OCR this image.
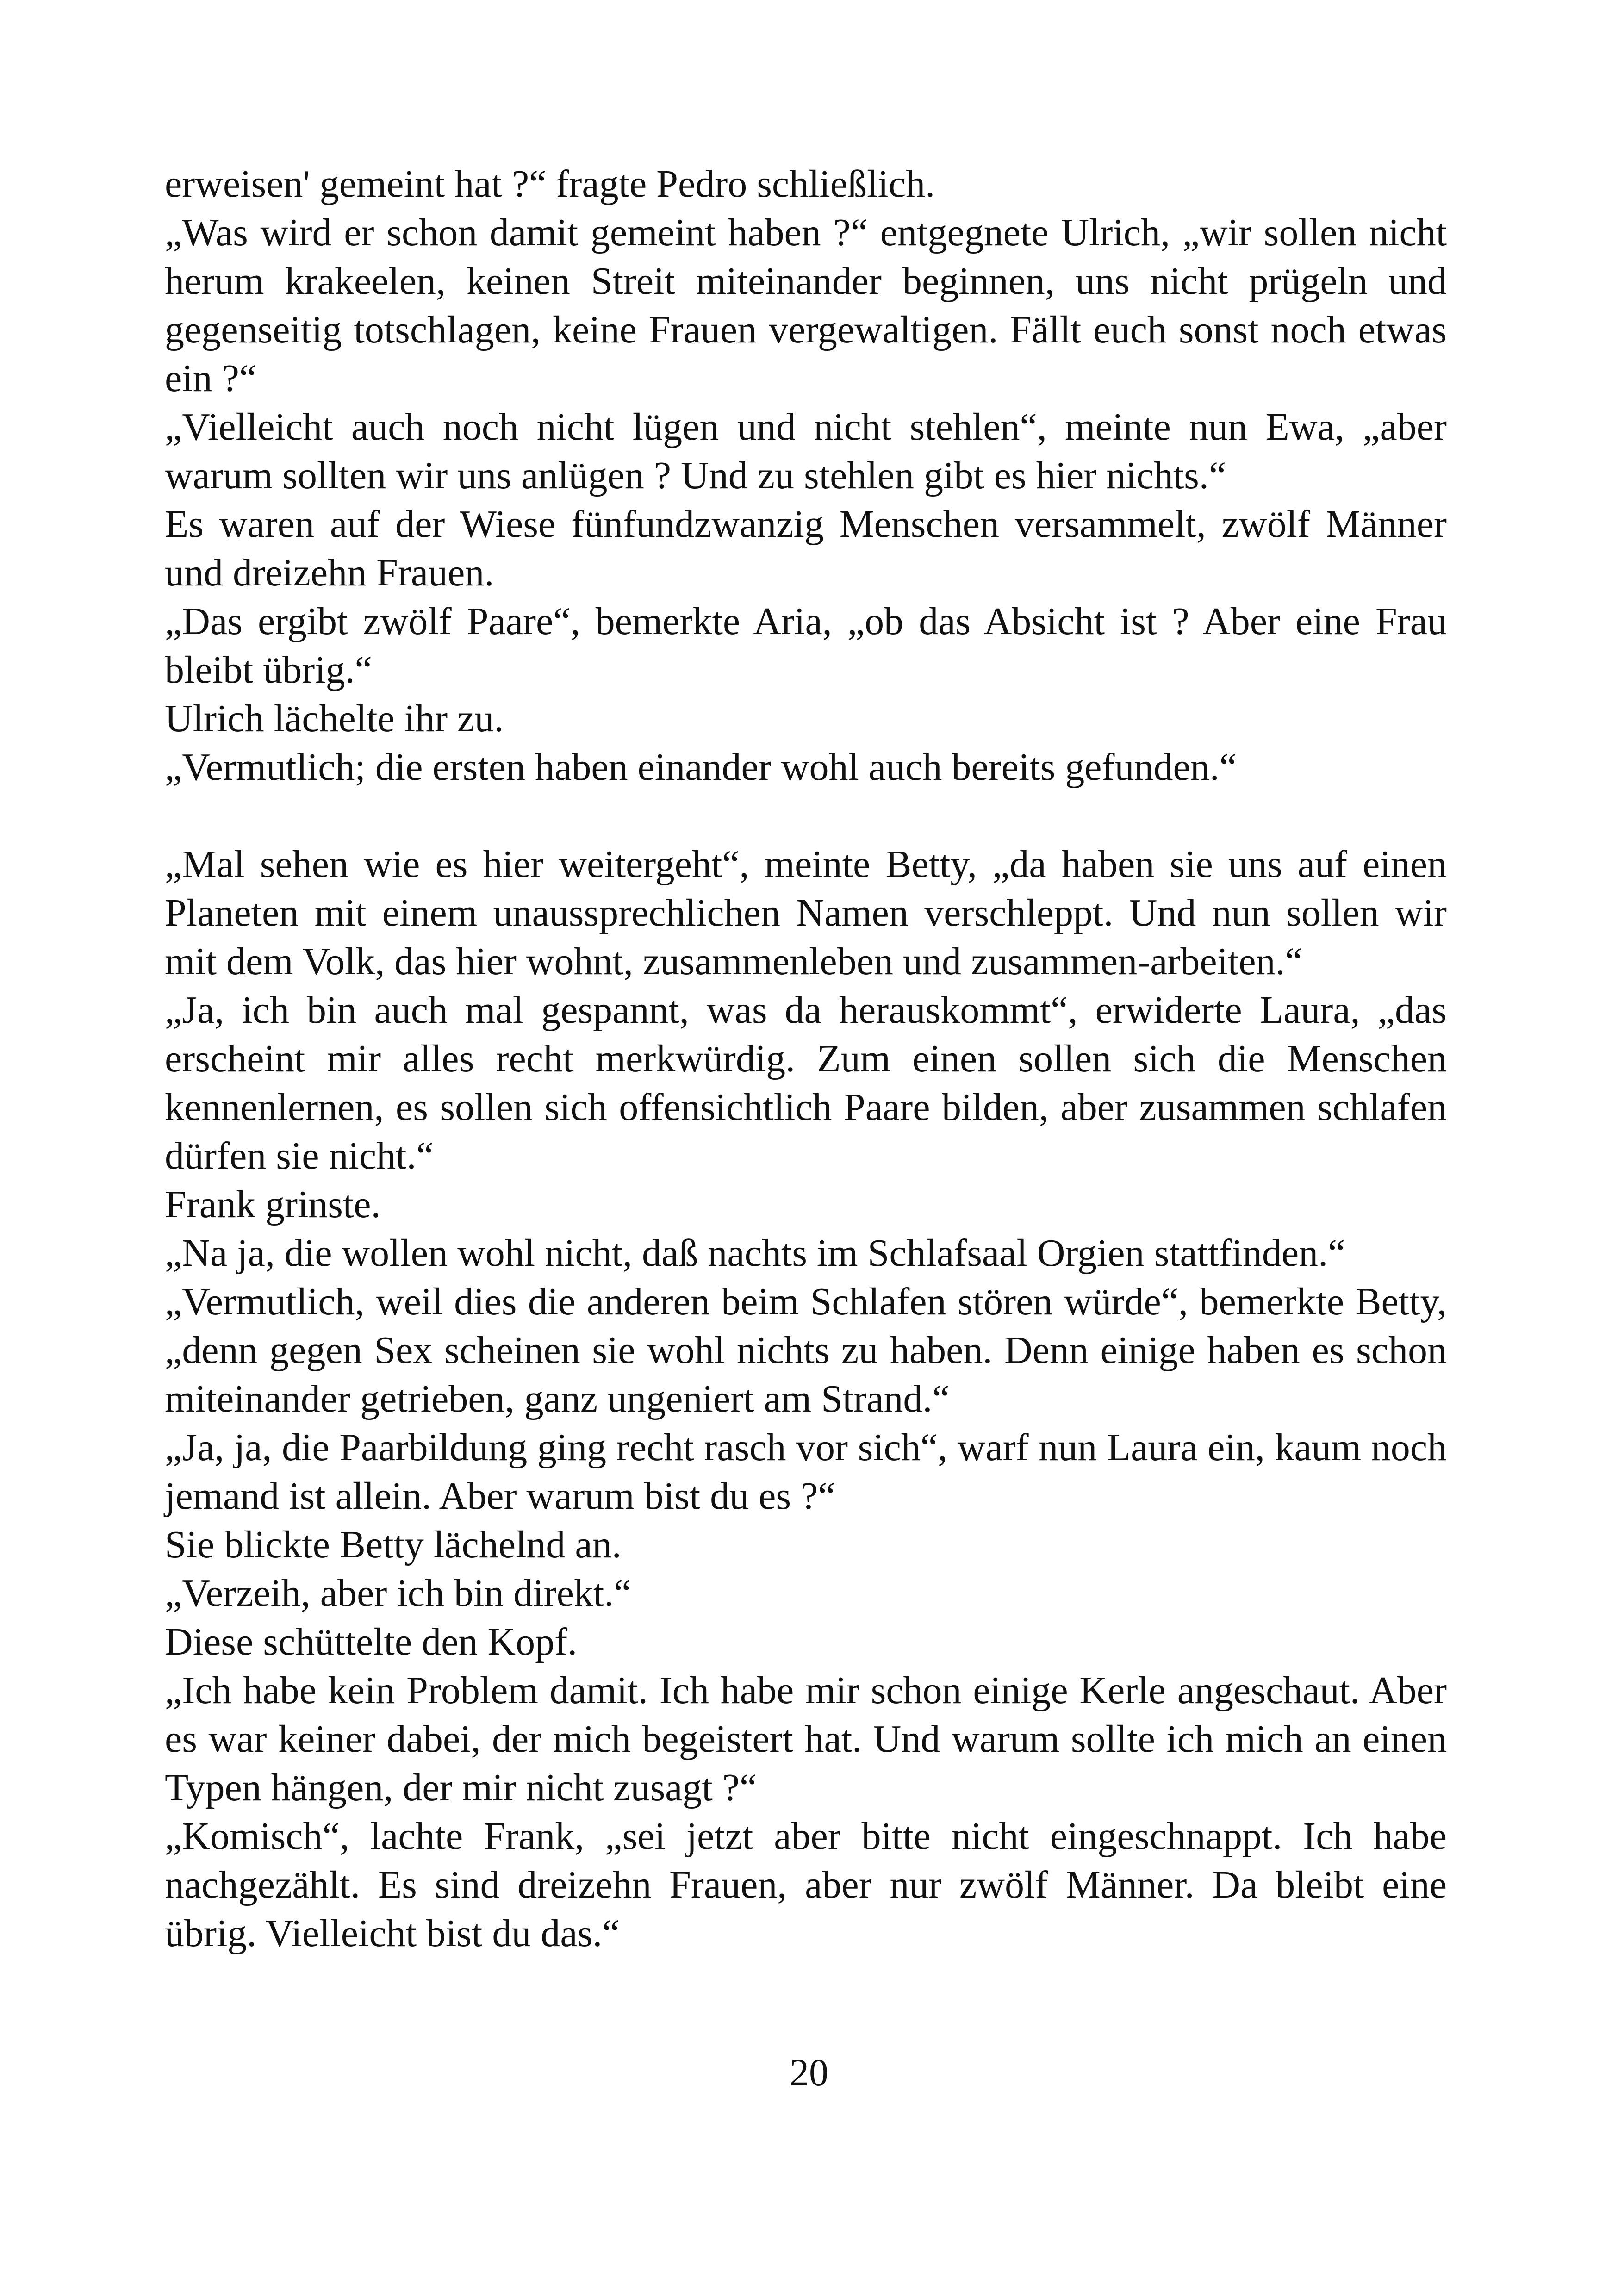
erweisen' gemeint hat ?“ fragte Pedro schließlich.

„Was wird er schon damit gemeint haben ?“ entgegnete Ulrich, „wir sollen nicht herum krakeelen, keinen Streit miteinander beginnen, uns nicht prügeln und gegenseitig totschlagen, keine Frauen vergewaltigen. Fällt euch sonst noch etwas ein ?“

„Vielleicht auch noch nicht lügen und nicht stehlen“, meinte nun Ewa, „aber warum sollten wir uns anlügen ? Und zu stehlen gibt es hier nichts.“

Es waren auf der Wiese fünfundzwanzig Menschen versammelt, zwölf Männer und dreizehn Frauen.

„Das ergibt zwölf Paare“, bemerkte Aria, „ob das Absicht ist ? Aber eine Frau bleibt übrig.“

Ulrich lächelte ihr zu.

„Vermutlich; die ersten haben einander wohl auch bereits gefunden.“

„Mal sehen wie es hier weitergeht“, meinte Betty, „da haben sie uns auf einen Planeten mit einem unaussprechlichen Namen verschleppt. Und nun sollen wir mit dem Volk, das hier wohnt, zusammenleben und zusammen-arbeiten.“

„Ja, ich bin auch mal gespannt, was da herauskommt“, erwiderte Laura, „das erscheint mir alles recht merkwürdig. Zum einen sollen sich die Menschen kennenlernen, es sollen sich offensichtlich Paare bilden, aber zusammen schlafen dürfen sie nicht.“

Frank grinste.

„Na ja, die wollen wohl nicht, daß nachts im Schlafsaal Orgien stattfinden.“

„Vermutlich, weil dies die anderen beim Schlafen stören würde“, bemerkte Betty, „denn gegen Sex scheinen sie wohl nichts zu haben. Denn einige haben es schon miteinander getrieben, ganz ungeniert am Strand.“

„Ja, ja, die Paarbildung ging recht rasch vor sich“, warf nun Laura ein, kaum noch jemand ist allein. Aber warum bist du es ?“

Sie blickte Betty lächelnd an.

„Verzeih, aber ich bin direkt.“

Diese schüttelte den Kopf.

„Ich habe kein Problem damit. Ich habe mir schon einige Kerle angeschaut. Aber es war keiner dabei, der mich begeistert hat. Und warum sollte ich mich an einen Typen hängen, der mir nicht zusagt ?“

„Komisch“, lachte Frank, „sei jetzt aber bitte nicht eingeschnappt. Ich habe nachgezählt. Es sind dreizehn Frauen, aber nur zwölf Männer. Da bleibt eine übrig. Vielleicht bist du das.“

20
